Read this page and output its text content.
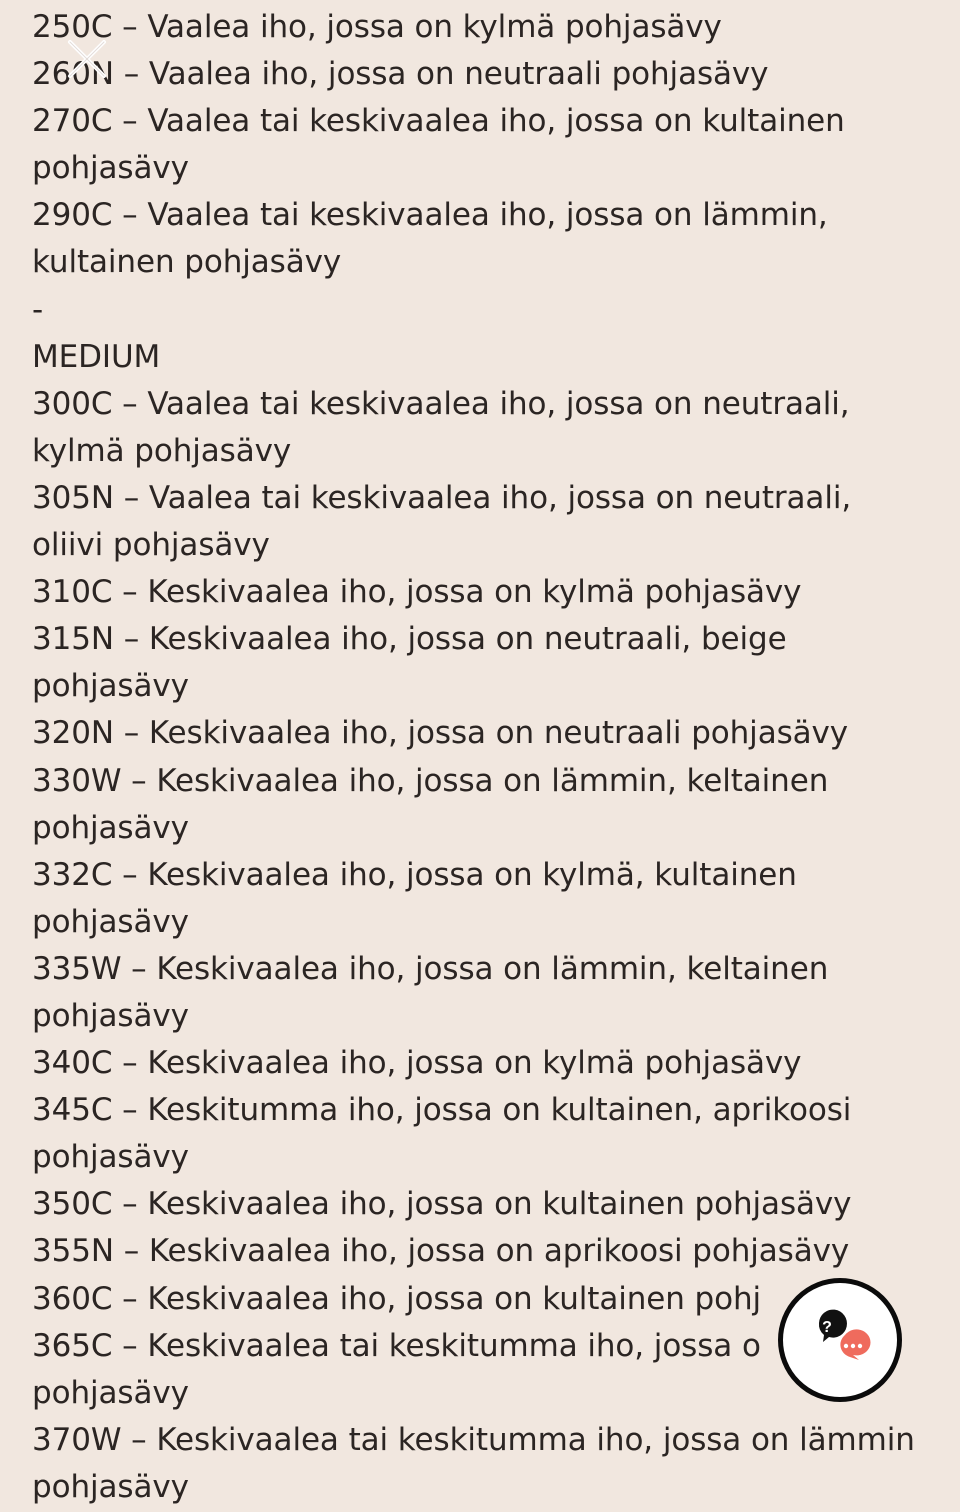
250C – Vaalea iho, jossa on kylmä pohjasävy
260N – Vaalea iho, jossa on neutraali pohjasävy
270C – Vaalea tai keskivaalea iho, jossa on kultainen
pohjasävy
290C – Vaalea tai keskivaalea iho, jossa on lämmin,
kultainen pohjasävy
-
MEDIUM
300C – Vaalea tai keskivaalea iho, jossa on neutraali,
kylmä pohjasävy
305N – Vaalea tai keskivaalea iho, jossa on neutraali,
oliivi pohjasävy
310C – Keskivaalea iho, jossa on kylmä pohjasävy
315N – Keskivaalea iho, jossa on neutraali, beige
pohjasävy
320N – Keskivaalea iho, jossa on neutraali pohjasävy
330W – Keskivaalea iho, jossa on lämmin, keltainen
pohjasävy
332C – Keskivaalea iho, jossa on kylmä, kultainen
pohjasävy
335W – Keskivaalea iho, jossa on lämmin, keltainen
pohjasävy
340C – Keskivaalea iho, jossa on kylmä pohjasävy
345C – Keskitumma iho, jossa on kultainen, aprikoosi
pohjasävy
350C – Keskivaalea iho, jossa on kultainen pohjasävy
355N – Keskivaalea iho, jossa on aprikoosi pohjasävy
360C – Keskivaalea iho, jossa on kultainen pohj
365C – Keskivaalea tai keskitumma iho, jossa o
pohjasävy
370W – Keskivaalea tai keskitumma iho, jossa on lämmin
pohjasävy
?
